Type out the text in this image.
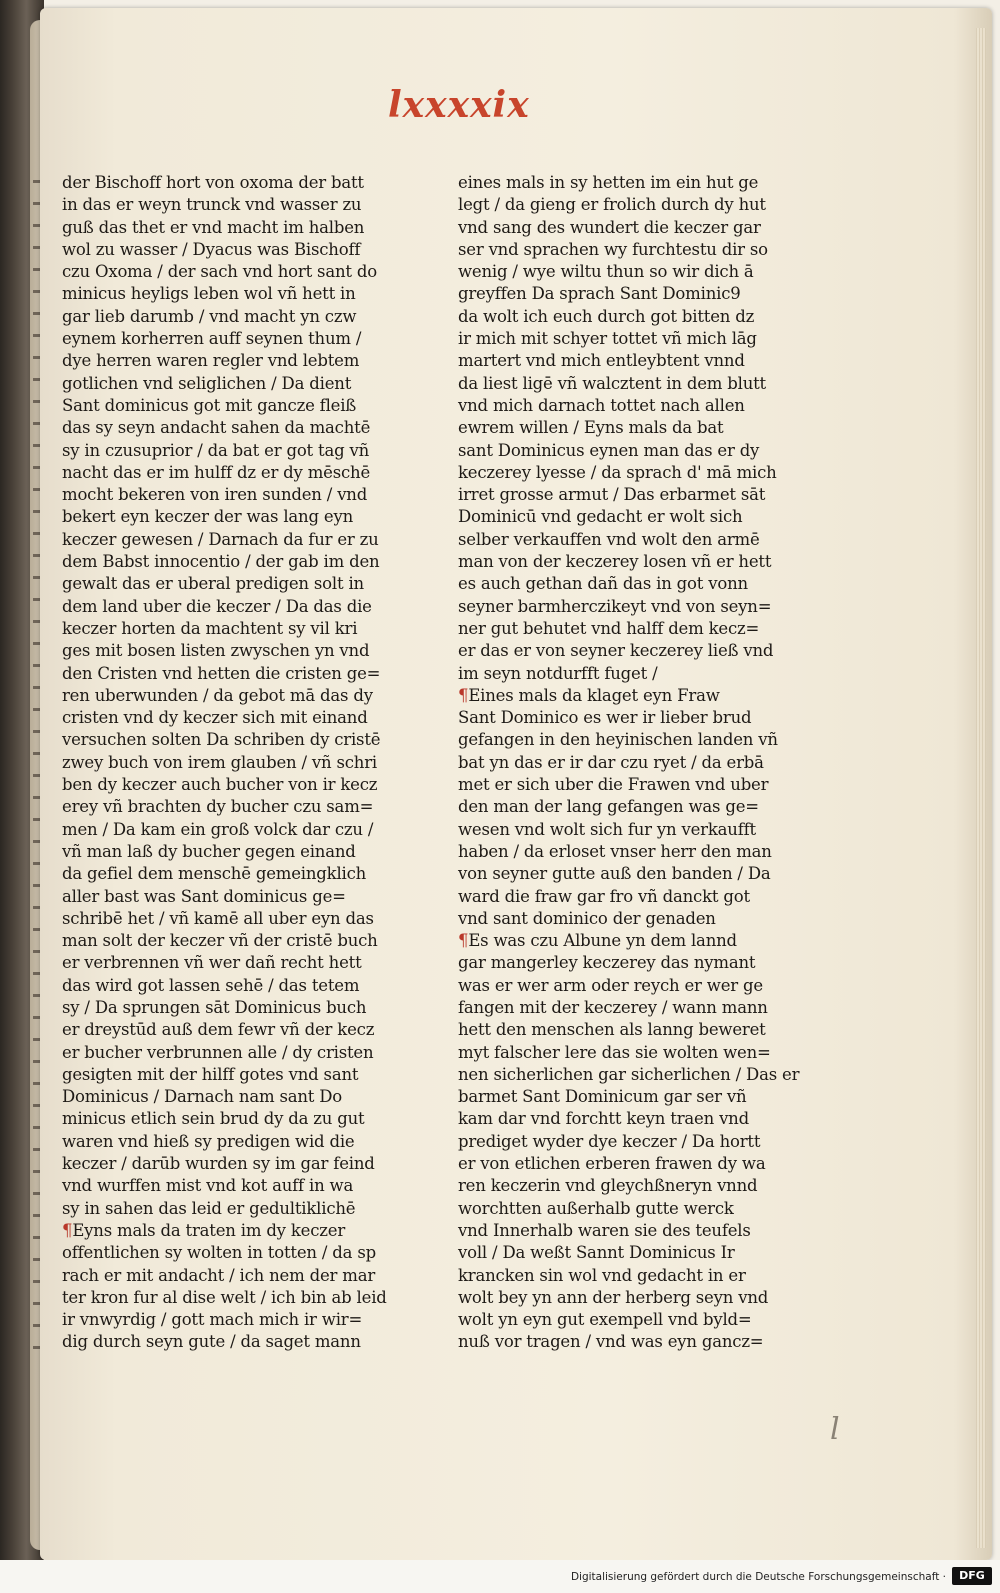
lxxxxix

der Bischoff hort von oxoma der batt

in das er weyn trunck vnd wasser zu

guß das thet er vnd macht im halben

wol zu wasser / Dyacus was Bischoff

czu Oxoma / der sach vnd hort sant do

minicus heyligs leben wol vñ hett in

gar lieb darumb / vnd macht yn czw

eynem korherren auff seynen thum /

dye herren waren regler vnd lebtem

gotlichen vnd seliglichen / Da dient

Sant dominicus got mit gancze fleiß

das sy seyn andacht sahen da machtē

sy in czusuprior / da bat er got tag vñ

nacht das er im hulff dz er dy mēschē

mocht bekeren von iren sunden / vnd

bekert eyn keczer der was lang eyn

keczer gewesen / Darnach da fur er zu

dem Babst innocentio / der gab im den

gewalt das er uberal predigen solt in

dem land uber die keczer / Da das die

keczer horten da machtent sy vil kri

ges mit bosen listen zwyschen yn vnd

den Cristen vnd hetten die cristen ge=

ren uberwunden / da gebot mā das dy

cristen vnd dy keczer sich mit einand

versuchen solten Da schriben dy cristē

zwey buch von irem glauben / vñ schri

ben dy keczer auch bucher von ir kecz

erey vñ brachten dy bucher czu sam=

men / Da kam ein groß volck dar czu /

vñ man laß dy bucher gegen einand

da gefiel dem menschē gemeingklich

aller bast was Sant dominicus ge=

schribē het / vñ kamē all uber eyn das

man solt der keczer vñ der cristē buch

er verbrennen vñ wer dañ recht hett

das wird got lassen sehē / das tetem

sy / Da sprungen sāt Dominicus buch

er dreystūd auß dem fewr vñ der kecz

er bucher verbrunnen alle / dy cristen

gesigten mit der hilff gotes vnd sant

Dominicus / Darnach nam sant Do

minicus etlich sein brud dy da zu gut

waren vnd hieß sy predigen wid die

keczer / darūb wurden sy im gar feind

vnd wurffen mist vnd kot auff in wa

sy in sahen das leid er gedultiklichē

¶Eyns mals da traten im dy keczer

offentlichen sy wolten in totten / da sp

rach er mit andacht / ich nem der mar

ter kron fur al dise welt / ich bin ab leid

ir vnwyrdig / gott mach mich ir wir=

dig durch seyn gute / da saget mann

eines mals in sy hetten im ein hut ge

legt / da gieng er frolich durch dy hut

vnd sang des wundert die keczer gar

ser vnd sprachen wy furchtestu dir so

wenig / wye wiltu thun so wir dich ā

greyffen Da sprach Sant Dominic9

da wolt ich euch durch got bitten dz

ir mich mit schyer tottet vñ mich lāg

martert vnd mich entleybtent vnnd

da liest ligē vñ walcztent in dem blutt

vnd mich darnach tottet nach allen

ewrem willen / Eyns mals da bat

sant Dominicus eynen man das er dy

keczerey lyesse / da sprach d' mā mich

irret grosse armut / Das erbarmet sāt

Dominicū vnd gedacht er wolt sich

selber verkauffen vnd wolt den armē

man von der keczerey losen vñ er hett

es auch gethan dañ das in got vonn

seyner barmherczikeyt vnd von seyn=

ner gut behutet vnd halff dem kecz=

er das er von seyner keczerey ließ vnd

im seyn notdurfft fuget /

¶Eines mals da klaget eyn Fraw

Sant Dominico es wer ir lieber brud

gefangen in den heyinischen landen vñ

bat yn das er ir dar czu ryet / da erbā

met er sich uber die Frawen vnd uber

den man der lang gefangen was ge=

wesen vnd wolt sich fur yn verkaufft

haben / da erloset vnser herr den man

von seyner gutte auß den banden / Da

ward die fraw gar fro vñ danckt got

vnd sant dominico der genaden

¶Es was czu Albune yn dem lannd

gar mangerley keczerey das nymant

was er wer arm oder reych er wer ge

fangen mit der keczerey / wann mann

hett den menschen als lanng beweret

myt falscher lere das sie wolten wen=

nen sicherlichen gar sicherlichen / Das er

barmet Sant Dominicum gar ser vñ

kam dar vnd forchtt keyn traen vnd

prediget wyder dye keczer / Da hortt

er von etlichen erberen frawen dy wa

ren keczerin vnd gleychßneryn vnnd

worchtten außerhalb gutte werck

vnd Innerhalb waren sie des teufels

voll / Da weßt Sannt Dominicus Ir

krancken sin wol vnd gedacht in er

wolt bey yn ann der herberg seyn vnd

wolt yn eyn gut exempell vnd byld=

nuß vor tragen / vnd was eyn gancz=

l

Digitalisierung gefördert durch die Deutsche Forschungsgemeinschaft ·	DFG
